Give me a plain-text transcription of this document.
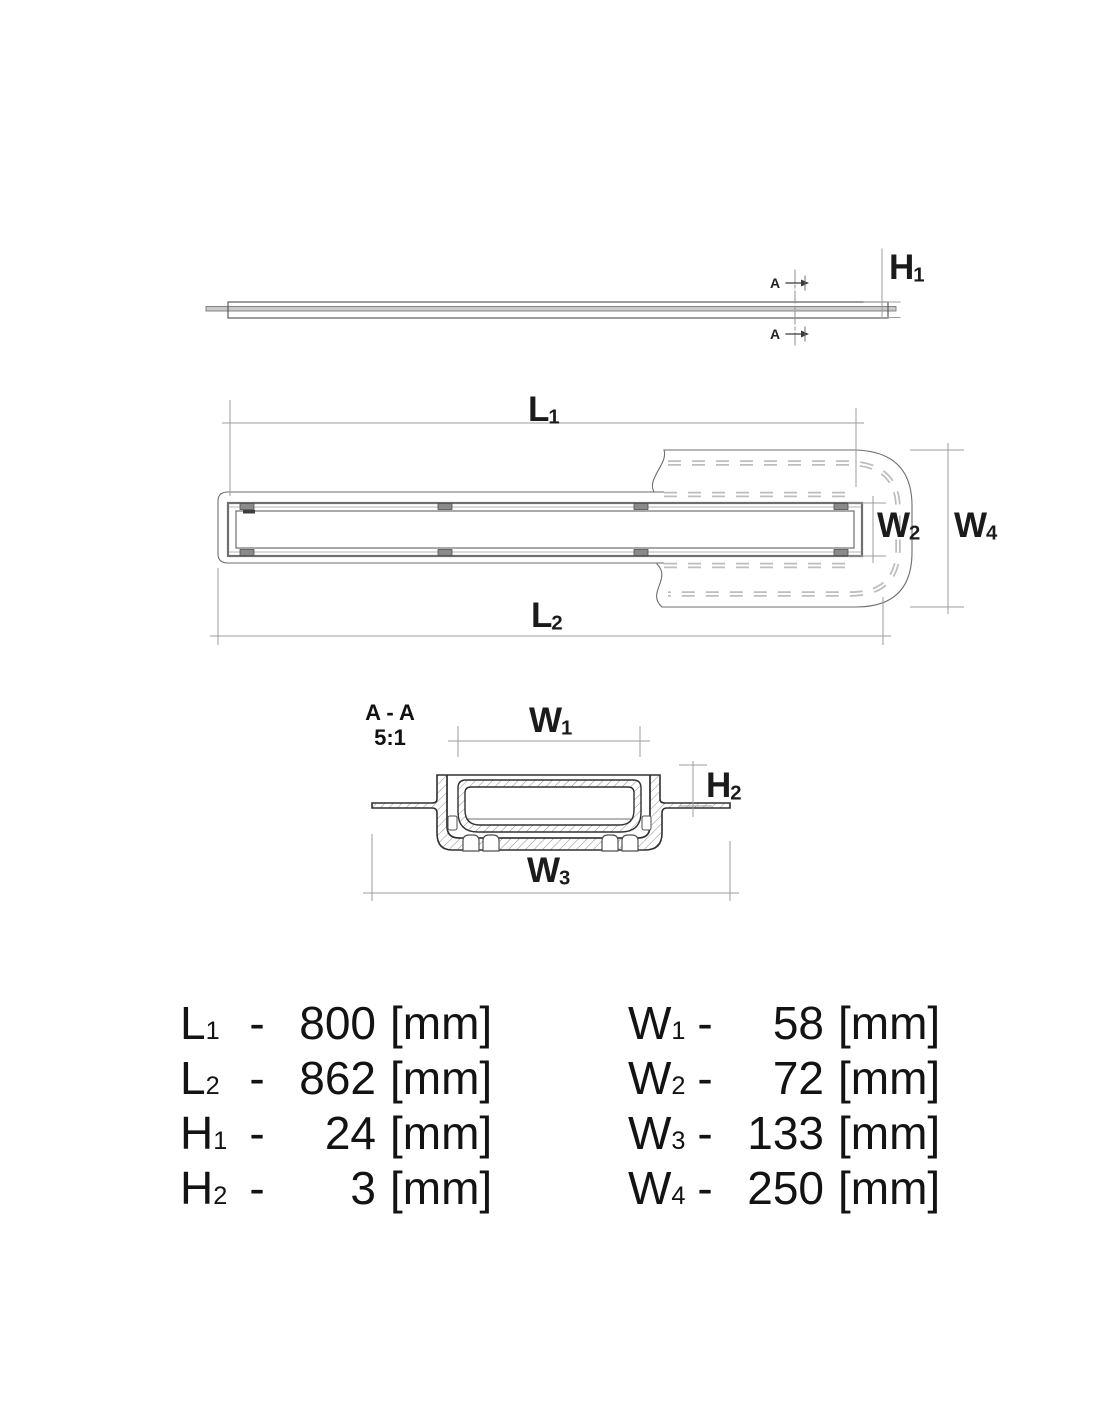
H1
L1
W2 W4
L2
W1
H2
W3
A
A
A - A
5:1
L1 - 800 [mm]
L2 - 862 [mm]
H1 -	24 [mm]
H2 -	3 [mm]
W1 -	58 [mm]
W2 -	72 [mm]
W3 - 133 [mm]
W4 - 250 [mm]
